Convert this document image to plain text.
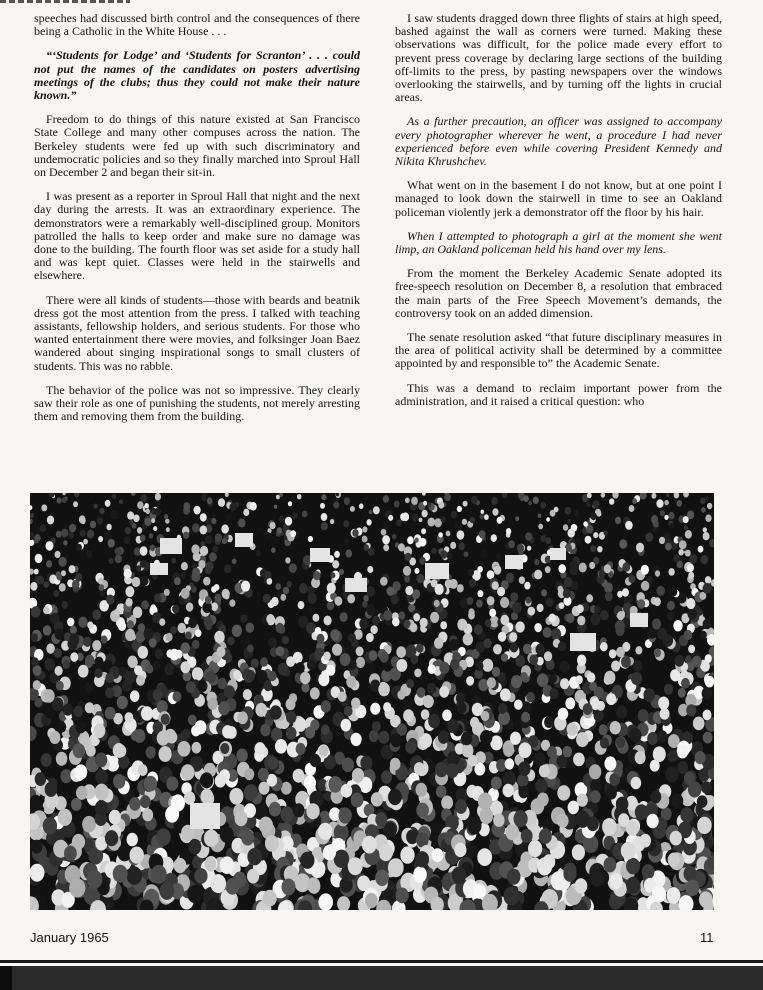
speeches had discussed birth control and the consequences of there being a Catholic in the White House . . .

“‘Students for Lodge’ and ‘Students for Scranton’ . . . could not put the names of the candidates on posters advertising meetings of the clubs; thus they could not make their nature known.”

Freedom to do things of this nature existed at San Francisco State College and many other compuses across the nation. The Berkeley students were fed up with such discriminatory and undemocratic policies and so they finally marched into Sproul Hall on December 2 and began their sit-in.

I was present as a reporter in Sproul Hall that night and the next day during the arrests. It was an extraordinary experience. The demonstrators were a remarkably well-disciplined group. Monitors patrolled the halls to keep order and make sure no damage was done to the building. The fourth floor was set aside for a study hall and was kept quiet. Classes were held in the stairwells and elsewhere.

There were all kinds of students—those with beards and beatnik dress got the most attention from the press. I talked with teaching assistants, fellowship holders, and serious students. For those who wanted entertainment there were movies, and folksinger Joan Baez wandered about singing inspirational songs to small clusters of students. This was no rabble.

The behavior of the police was not so impressive. They clearly saw their role as one of punishing the students, not merely arresting them and removing them from the building.

I saw students dragged down three flights of stairs at high speed, bashed against the wall as corners were turned. Making these observations was difficult, for the police made every effort to prevent press coverage by declaring large sections of the building off-limits to the press, by pasting newspapers over the windows overlooking the stairwells, and by turning off the lights in crucial areas.

As a further precaution, an officer was assigned to accompany every photographer wherever he went, a procedure I had never experienced before even while covering President Kennedy and Nikita Khrushchev.

What went on in the basement I do not know, but at one point I managed to look down the stairwell in time to see an Oakland policeman violently jerk a demonstrator off the floor by his hair.

When I attempted to photograph a girl at the moment she went limp, an Oakland policeman held his hand over my lens.

From the moment the Berkeley Academic Senate adopted its free-speech resolution on December 8, a resolution that embraced the main parts of the Free Speech Movement’s demands, the controversy took on an added dimension.

The senate resolution asked “that future disciplinary measures in the area of political activity shall be determined by a committee appointed by and responsible to” the Academic Senate.

This was a demand to reclaim important power from the administration, and it raised a critical question: who

January 1965	11
